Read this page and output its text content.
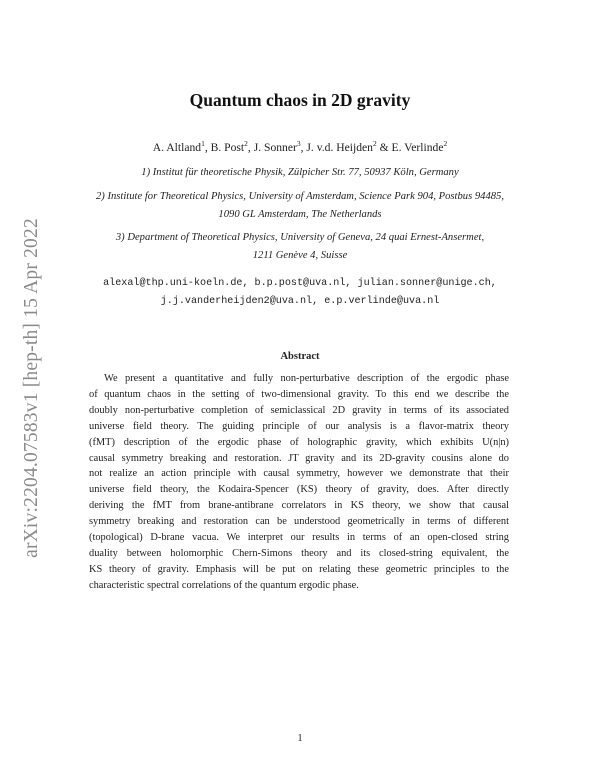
arXiv:2204.07583v1 [hep-th] 15 Apr 2022
Quantum chaos in 2D gravity
A. Altland$^1$, B. Post$^2$, J. Sonner$^3$, J. v.d. Heijden$^2$ & E. Verlinde$^2$
1) Institut für theoretische Physik, Zülpicher Str. 77, 50937 Köln, Germany
2) Institute for Theoretical Physics, University of Amsterdam, Science Park 904, Postbus 94485,
1090 GL Amsterdam, The Netherlands
3) Department of Theoretical Physics, University of Geneva, 24 quai Ernest-Ansermet,
1211 Genève 4, Suisse
alexal@thp.uni-koeln.de, b.p.post@uva.nl, julian.sonner@unige.ch,
j.j.vanderheijden2@uva.nl, e.p.verlinde@uva.nl
Abstract
We present a quantitative and fully non-perturbative description of the ergodic phase
of quantum chaos in the setting of two-dimensional gravity. To this end we describe the
doubly non-perturbative completion of semiclassical 2D gravity in terms of its associated
universe field theory. The guiding principle of our analysis is a flavor-matrix theory
(fMT) description of the ergodic phase of holographic gravity, which exhibits U(n|n)
causal symmetry breaking and restoration. JT gravity and its 2D-gravity cousins alone do
not realize an action principle with causal symmetry, however we demonstrate that their
universe field theory, the Kodaira-Spencer (KS) theory of gravity, does. After directly
deriving the fMT from brane-antibrane correlators in KS theory, we show that causal
symmetry breaking and restoration can be understood geometrically in terms of different
(topological) D-brane vacua. We interpret our results in terms of an open-closed string
duality between holomorphic Chern-Simons theory and its closed-string equivalent, the
KS theory of gravity. Emphasis will be put on relating these geometric principles to the
characteristic spectral correlations of the quantum ergodic phase.
1
